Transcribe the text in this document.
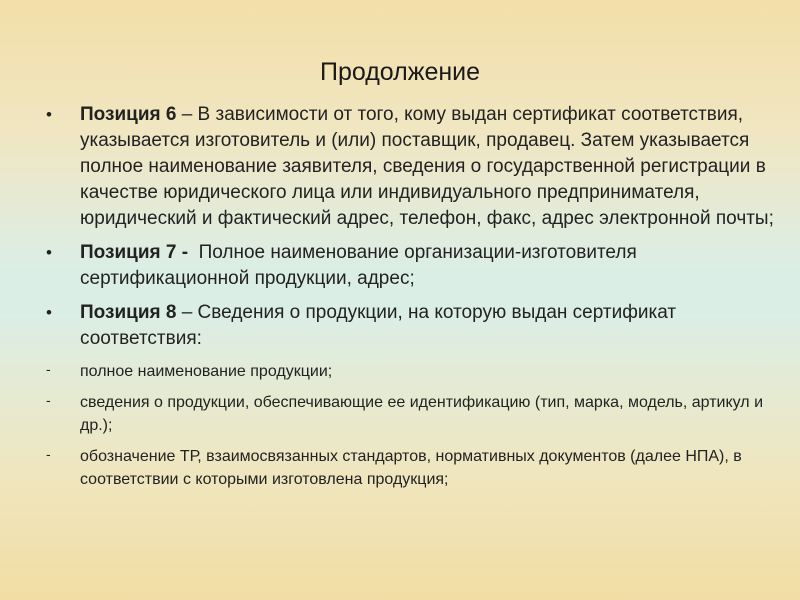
Продолжение
• Позиция 6 – В зависимости от того, кому выдан сертификат соответствия, указывается изготовитель и (или) поставщик, продавец. Затем указывается полное наименование заявителя, сведения о государственной регистрации в качестве юридического лица или индивидуального предпринимателя, юридический и фактический адрес, телефон, факс, адрес электронной почты;
• Позиция 7 -  Полное наименование организации-изготовителя сертификационной продукции, адрес;
• Позиция 8 – Сведения о продукции, на которую выдан сертификат соответствия:
- полное наименование продукции;
- сведения о продукции, обеспечивающие ее идентификацию (тип, марка, модель, артикул и др.);
- обозначение ТР, взаимосвязанных стандартов, нормативных документов (далее НПА), в соответствии с которыми изготовлена продукция;
